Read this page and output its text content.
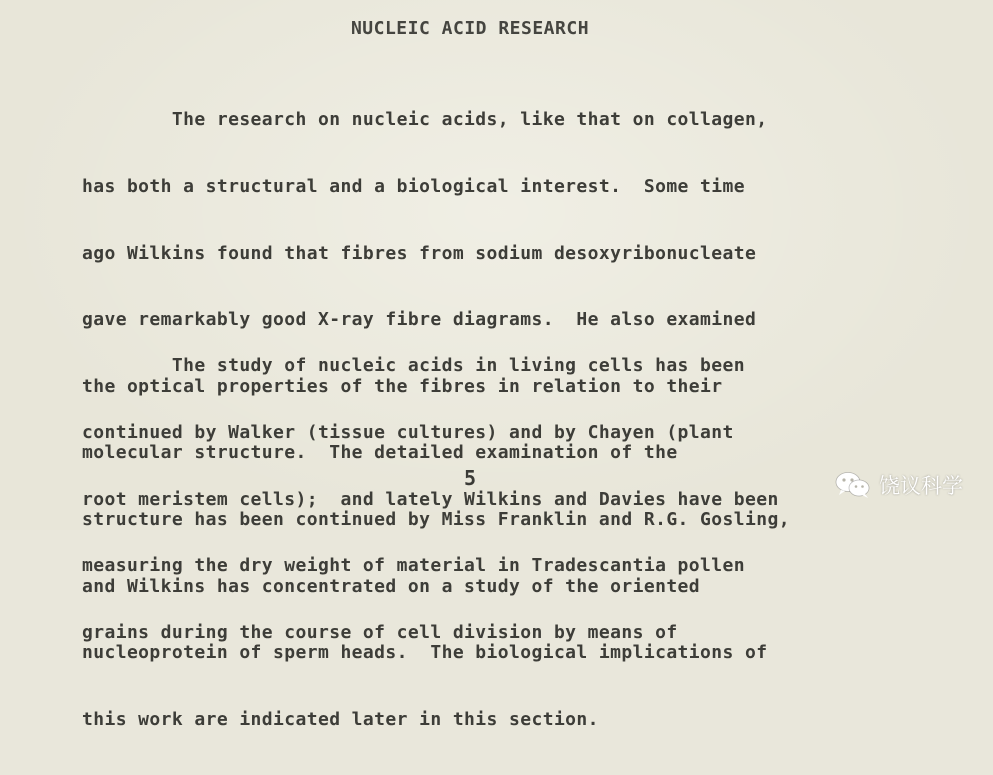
NUCLEIC ACID RESEARCH

The research on nucleic acids, like that on collagen,

has both a structural and a biological interest.  Some time

ago Wilkins found that fibres from sodium desoxyribonucleate

gave remarkably good X-ray fibre diagrams.  He also examined

the optical properties of the fibres in relation to their

molecular structure.  The detailed examination of the

structure has been continued by Miss Franklin and R.G. Gosling,

and Wilkins has concentrated on a study of the oriented

nucleoprotein of sperm heads.  The biological implications of

this work are indicated later in this section.

The study of nucleic acids in living cells has been

continued by Walker (tissue cultures) and by Chayen (plant

root meristem cells);  and lately Wilkins and Davies have been

measuring the dry weight of material in Tradescantia pollen

grains during the course of cell division by means of

5	饶议科学
